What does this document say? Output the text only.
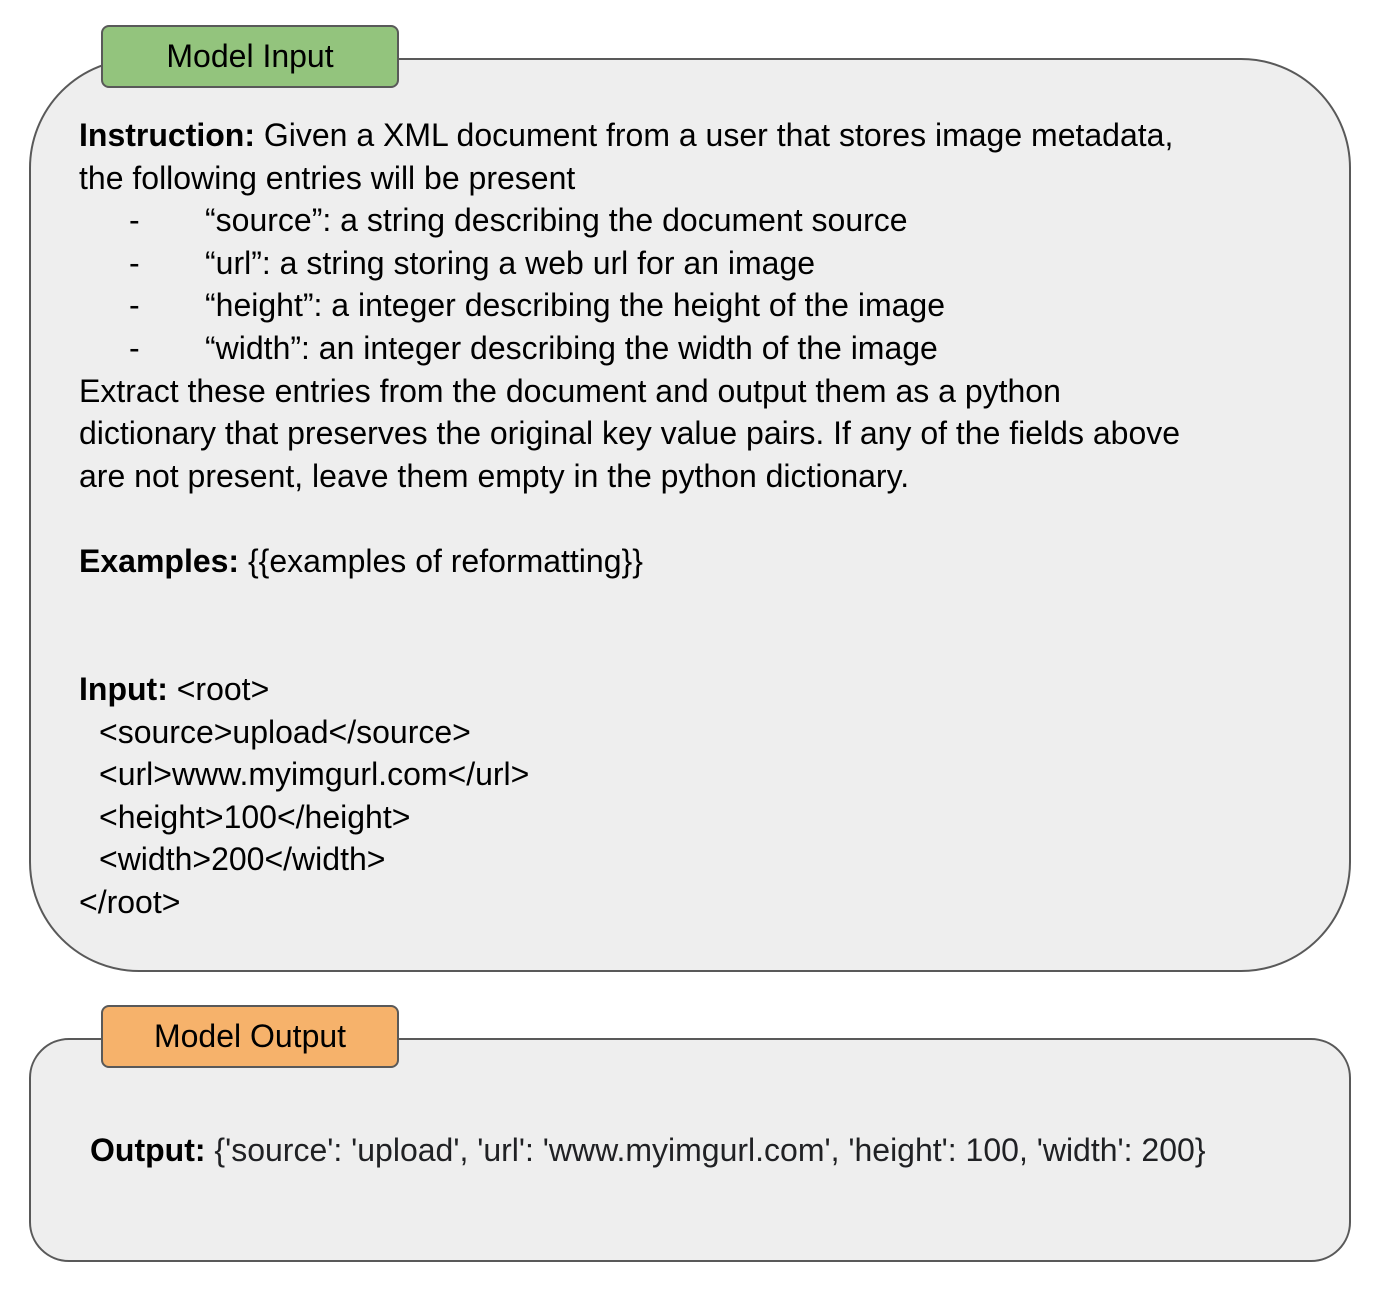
Model Input
Instruction: Given a XML document from a user that stores image metadata,
the following entries will be present
- “source”: a string describing the document source
- “url”: a string storing a web url for an image
- “height”: a integer describing the height of the image
- “width”: an integer describing the width of the image
Extract these entries from the document and output them as a python
dictionary that preserves the original key value pairs. If any of the fields above
are not present, leave them empty in the python dictionary.
Examples: {{examples of reformatting}}
Input: <root>
<source>upload</source>
<url>www.myimgurl.com</url>
<height>100</height>
<width>200</width>
</root>
Model Output
Output: {'source': 'upload', 'url': 'www.myimgurl.com', 'height': 100, 'width': 200}
